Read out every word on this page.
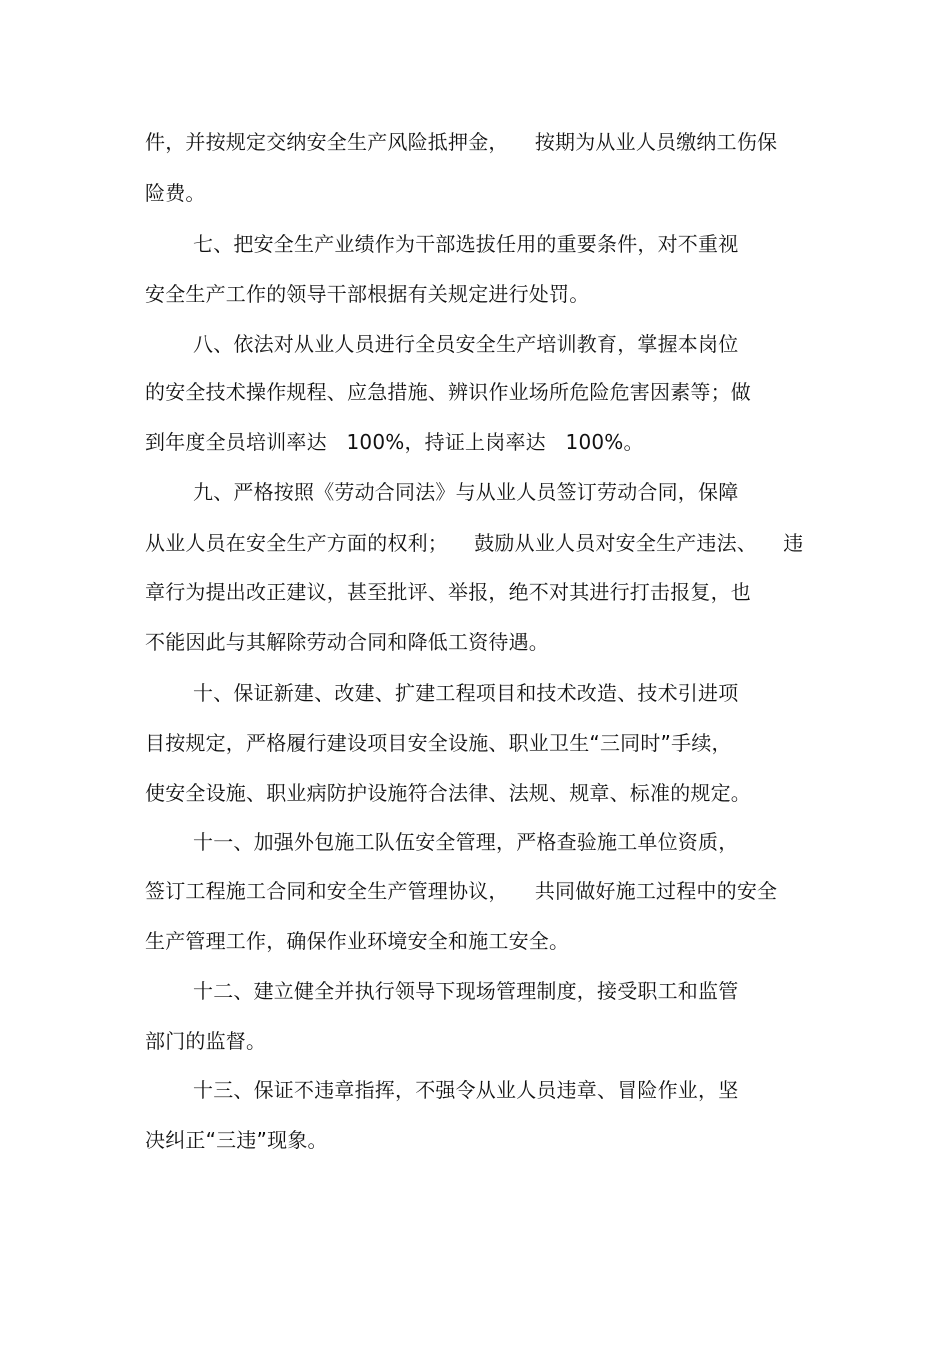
件，并按规定交纳安全生产风险抵押金，    按期为从业人员缴纳工伤保
险费。
七、把安全生产业绩作为干部选拔任用的重要条件，对不重视
安全生产工作的领导干部根据有关规定进行处罚。
八、依法对从业人员进行全员安全生产培训教育，掌握本岗位
的安全技术操作规程、应急措施、辨识作业场所危险危害因素等；做
到年度全员培训率达   100%，持证上岗率达   100%。
九、严格按照《劳动合同法》与从业人员签订劳动合同，保障
从业人员在安全生产方面的权利；    鼓励从业人员对安全生产违法、    违
章行为提出改正建议，甚至批评、举报，绝不对其进行打击报复，也
不能因此与其解除劳动合同和降低工资待遇。
十、保证新建、改建、扩建工程项目和技术改造、技术引进项
目按规定，严格履行建设项目安全设施、职业卫生“三同时”手续，
使安全设施、职业病防护设施符合法律、法规、规章、标准的规定。
十一、加强外包施工队伍安全管理，严格查验施工单位资质，
签订工程施工合同和安全生产管理协议，    共同做好施工过程中的安全
生产管理工作，确保作业环境安全和施工安全。
十二、建立健全并执行领导下现场管理制度，接受职工和监管
部门的监督。
十三、保证不违章指挥，不强令从业人员违章、冒险作业，坚
决纠正“三违”现象。
